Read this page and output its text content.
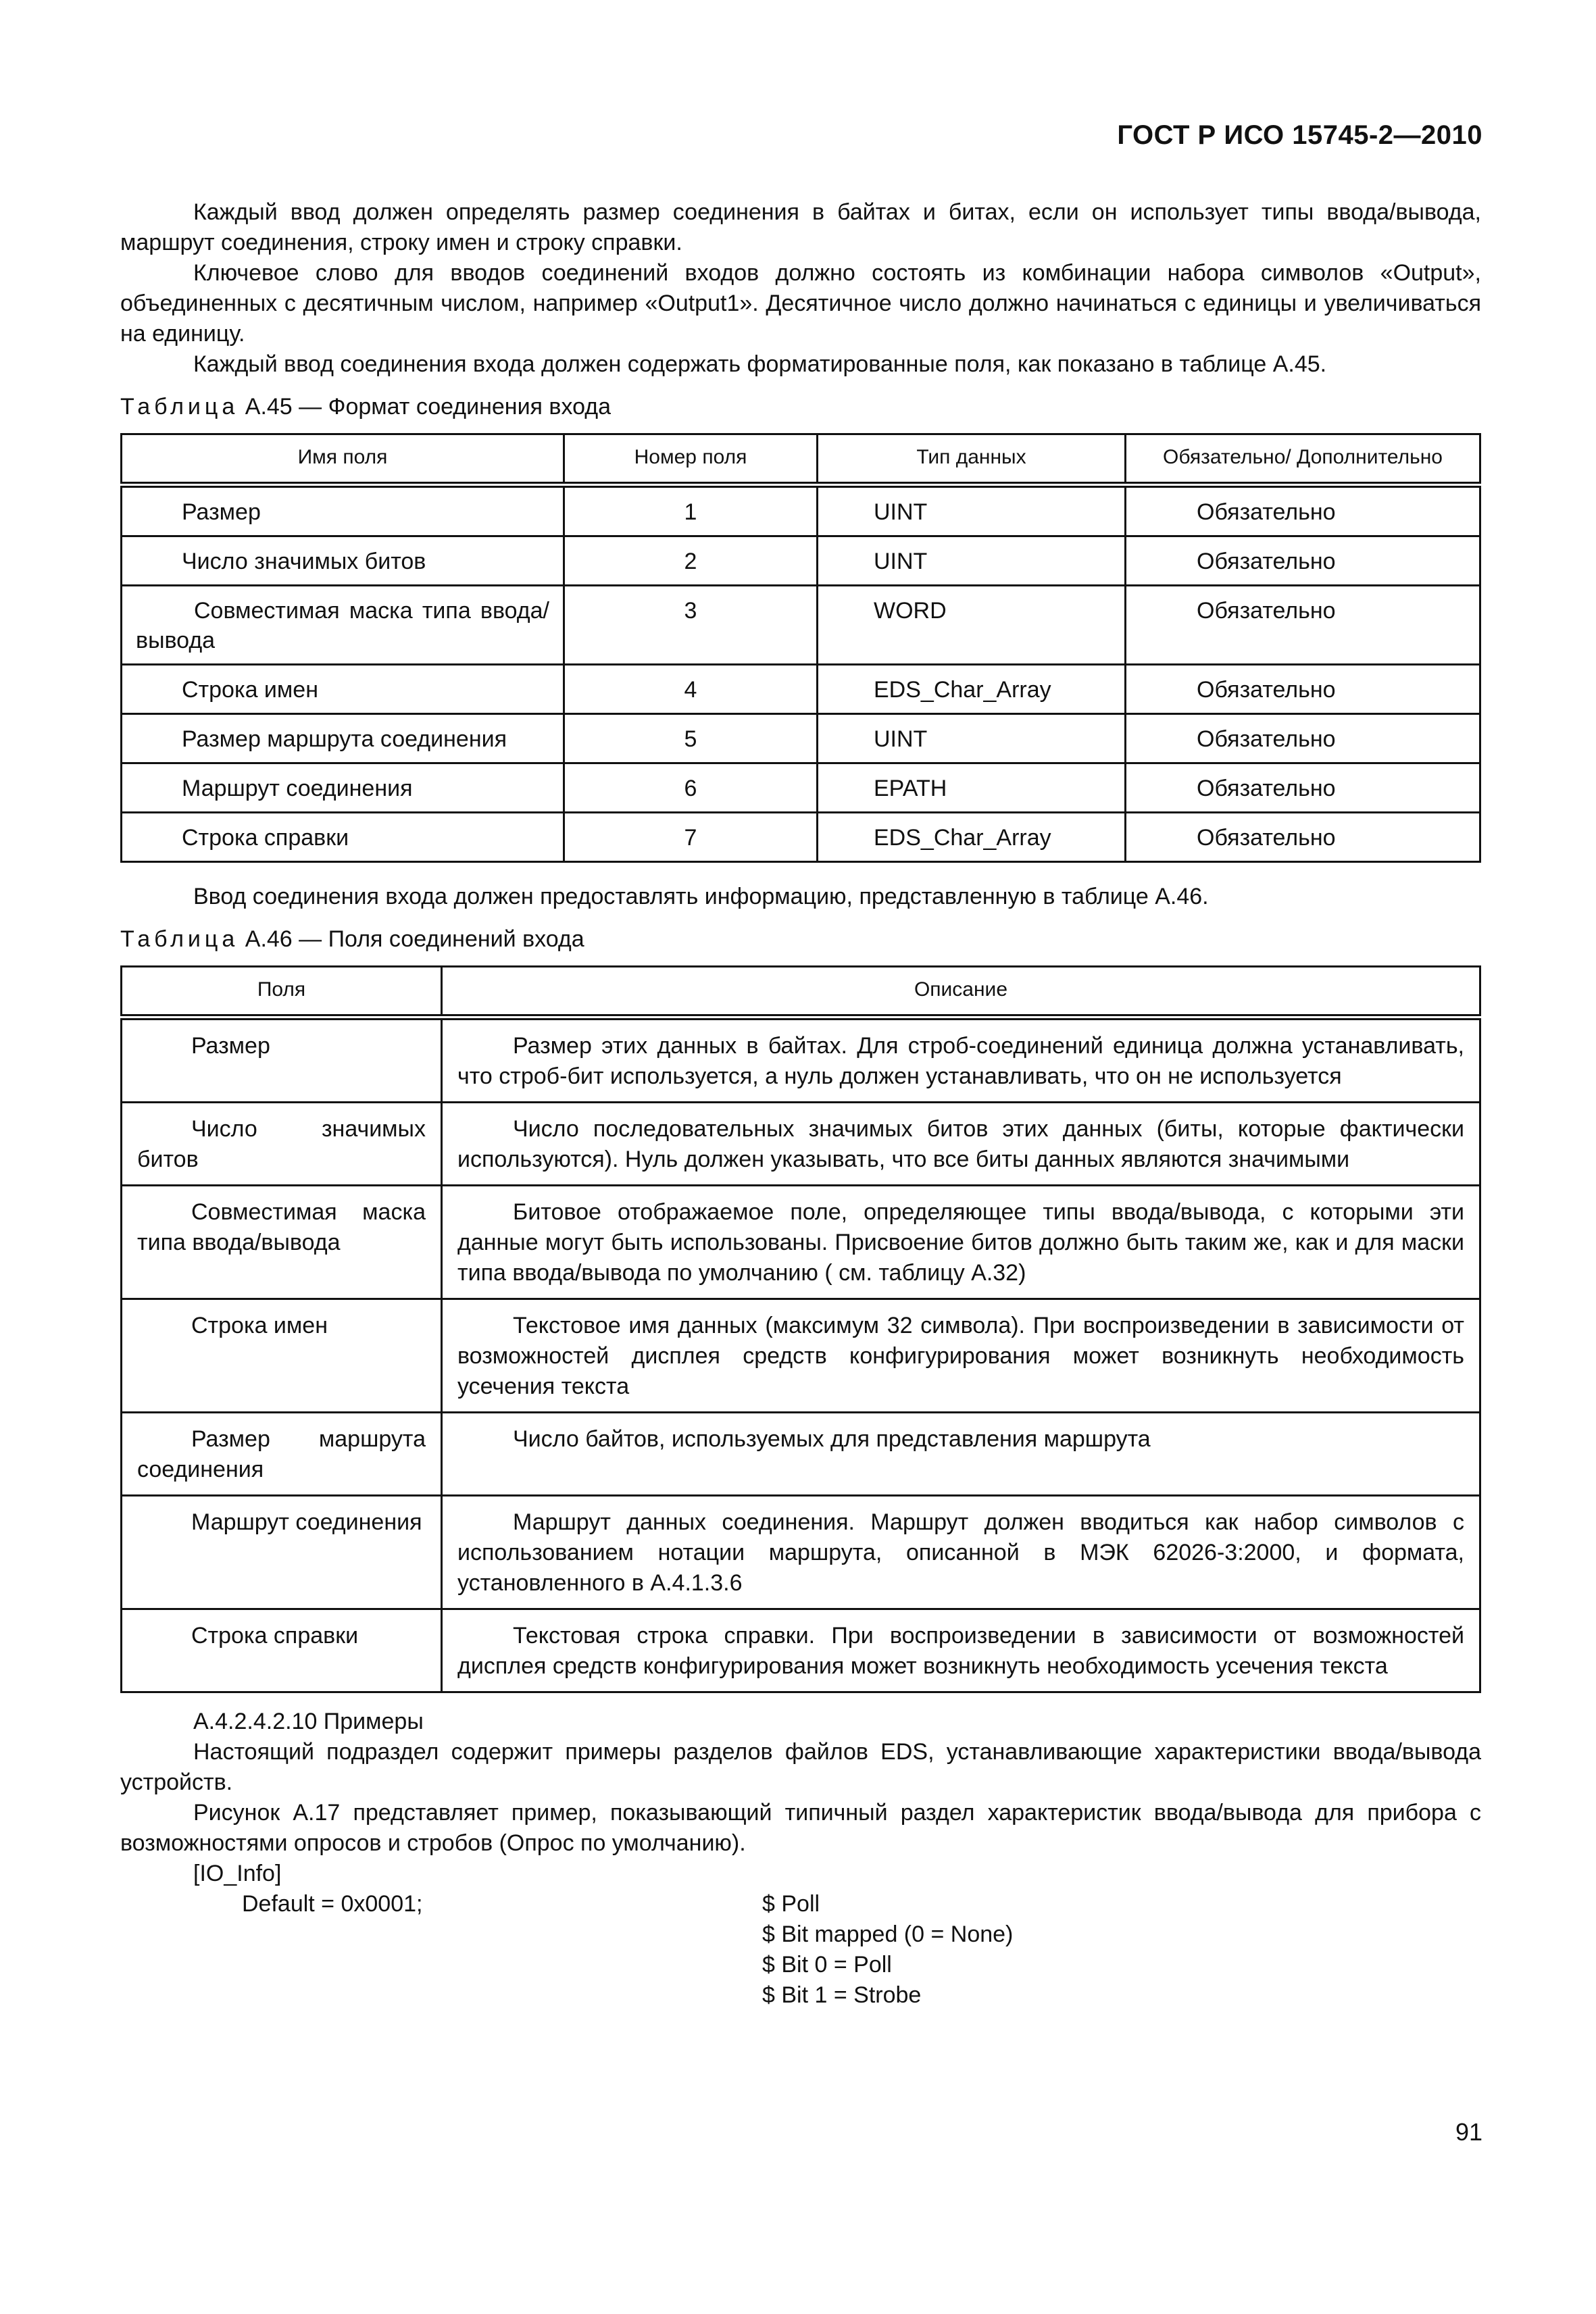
ГОСТ Р ИСО 15745-2—2010

Каждый ввод должен определять размер соединения в байтах и битах, если он использует типы ввода/вывода, маршрут соединения, строку имен и строку справки.

Ключевое слово для вводов соединений входов должно состоять из комбинации набора символов «Output», объединенных с десятичным числом, например «Output1». Десятичное число должно начинаться с единицы и увеличиваться на единицу.

Каждый ввод соединения входа должен содержать форматированные поля, как показано в таблице А.45.

Таблица А.45 — Формат соединения входа

Имя поля	Номер поля	Тип данных	Обязательно/ Дополнительно
Размер	1	UINT	Обязательно
Число значимых битов	2	UINT	Обязательно
Совместимая маска типа ввода/вывода	3	WORD	Обязательно
Строка имен	4	EDS_Char_Array	Обязательно
Размер маршрута соединения	5	UINT	Обязательно
Маршрут соединения	6	EPATH	Обязательно
Строка справки	7	EDS_Char_Array	Обязательно

Ввод соединения входа должен предоставлять информацию, представленную в таблице А.46.

Таблица А.46 — Поля соединений входа

Поля	Описание
Размер	Размер этих данных в байтах. Для строб-соединений единица должна устанавливать, что строб-бит используется, а нуль должен устанавливать, что он не используется
Число значимых битов	Число последовательных значимых битов этих данных (биты, которые фактически используются). Нуль должен указывать, что все биты данных являются значимыми
Совместимая маска типа ввода/вывода	Битовое отображаемое поле, определяющее типы ввода/вывода, с которыми эти данные могут быть использованы. Присвоение битов должно быть таким же, как и для маски типа ввода/вывода по умолчанию ( см. таблицу А.32)
Строка имен	Текстовое имя данных (максимум 32 символа). При воспроизведении в зависимости от возможностей дисплея средств конфигурирования может возникнуть необходимость усечения текста
Размер маршрута соединения	Число байтов, используемых для представления маршрута
Маршрут соединения	Маршрут данных соединения. Маршрут должен вводиться как набор символов с использованием нотации маршрута, описанной в МЭК 62026-3:2000, и формата, установленного в А.4.1.3.6
Строка справки	Текстовая строка справки. При воспроизведении в зависимости от возможностей дисплея средств конфигурирования может возникнуть необходимость усечения текста

А.4.2.4.2.10 Примеры

Настоящий подраздел содержит примеры разделов файлов EDS, устанавливающие характеристики ввода/вывода устройств.

Рисунок А.17 представляет пример, показывающий типичный раздел характеристик ввода/вывода для прибора с возможностями опросов и стробов (Опрос по умолчанию).

[IO_Info]
Default = 0x0001;	$ Poll
$ Bit mapped (0 = None)
$ Bit 0 = Poll
$ Bit 1 = Strobe
91
